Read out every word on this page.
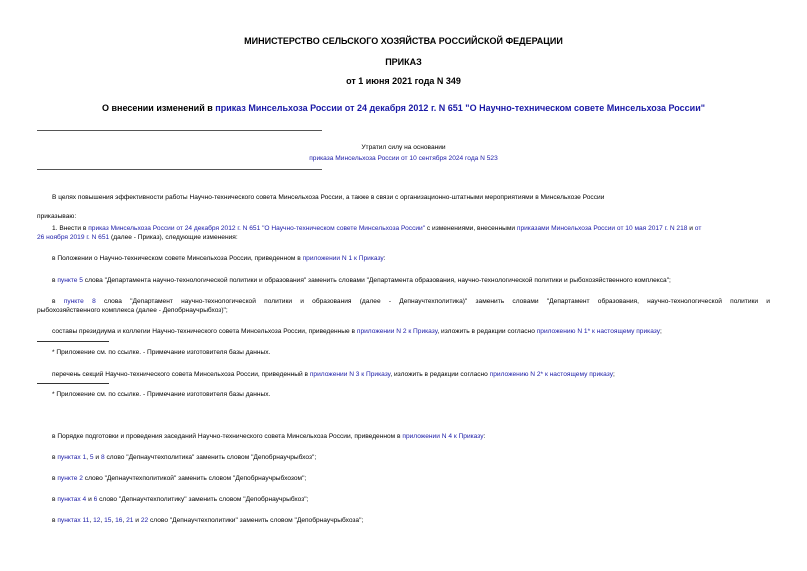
МИНИСТЕРСТВО СЕЛЬСКОГО ХОЗЯЙСТВА РОССИЙСКОЙ ФЕДЕРАЦИИ
ПРИКАЗ
от 1 июня 2021 года N 349
О внесении изменений в приказ Минсельхоза России от 24 декабря 2012 г. N 651 "О Научно-техническом совете Минсельхоза России"
Утратил силу на основании
приказа Минсельхоза России от 10 сентября 2024 года N 523
В целях повышения эффективности работы Научно-технического совета Минсельхоза России, а также в связи с организационно-штатными мероприятиями в Минсельхозе России
приказываю:
1. Внести в приказ Минсельхоза России от 24 декабря 2012 г. N 651 "О Научно-техническом совете Минсельхоза России" с изменениями, внесенными приказами Минсельхоза России от 10 мая 2017 г. N 218 и от
26 ноября 2019 г. N 651 (далее - Приказ), следующие изменения:
в Положении о Научно-техническом совете Минсельхоза России, приведенном в приложении N 1 к Приказу:
в пункте 5 слова "Департамента научно-технологической политики и образования" заменить словами "Департамента образования, научно-технологической политики и рыбохозяйственного комплекса";
в пункте 8 слова "Департамент научно-технологической политики и образования (далее - Депнаучтехполитика)" заменить словами "Департамент образования, научно-технологической политики и
рыбохозяйственного комплекса (далее - Депобрнаучрыбхоз)";
составы президиума и коллегии Научно-технического совета Минсельхоза России, приведенные в приложении N 2 к Приказу, изложить в редакции согласно приложению N 1* к настоящему приказу;
* Приложение см. по ссылке. - Примечание изготовителя базы данных.
перечень секций Научно-технического совета Минсельхоза России, приведенный в приложении N 3 к Приказу, изложить в редакции согласно приложению N 2* к настоящему приказу;
* Приложение см. по ссылке. - Примечание изготовителя базы данных.
в Порядке подготовки и проведения заседаний Научно-технического совета Минсельхоза России, приведенном в приложении N 4 к Приказу:
в пунктах 1, 5 и 8 слово "Депнаучтехполитика" заменить словом "Депобрнаучрыбхоз";
в пункте 2 слово "Депнаучтехполитикой" заменить словом "Депобрнаучрыбхозом";
в пунктах 4 и 6 слово "Депнаучтехполитику" заменить словом "Депобрнаучрыбхоз";
в пунктах 11, 12, 15, 16, 21 и 22 слово "Депнаучтехполитики" заменить словом "Депобрнаучрыбхоза";
